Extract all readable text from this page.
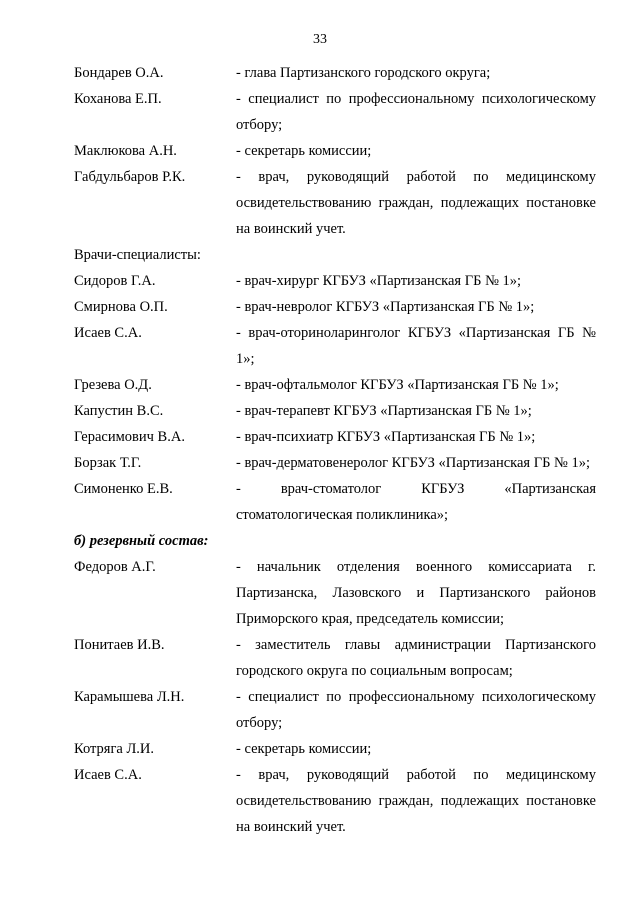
33
Бондарев О.А.	- глава Партизанского городского округа;
Коханова Е.П.	- специалист по профессиональному психологическому отбору;
Маклюкова А.Н.	- секретарь комиссии;
Габдульбаров Р.К.	- врач, руководящий работой по медицинскому освидетельствованию граждан, подлежащих постановке на воинский учет.

Врачи-специалисты:

Сидоров Г.А.	- врач-хирург КГБУЗ «Партизанская ГБ № 1»;
Смирнова О.П.	- врач-невролог КГБУЗ «Партизанская ГБ № 1»;
Исаев С.А.	- врач-оториноларинголог КГБУЗ «Партизанская ГБ № 1»;
Грезева О.Д.	- врач-офтальмолог КГБУЗ «Партизанская ГБ № 1»;
Капустин В.С.	- врач-терапевт КГБУЗ «Партизанская ГБ № 1»;
Герасимович В.А.	- врач-психиатр КГБУЗ «Партизанская ГБ № 1»;
Борзак Т.Г.	- врач-дерматовенеролог КГБУЗ «Партизанская ГБ № 1»;
Симоненко Е.В.	- врач-стоматолог КГБУЗ «Партизанская стоматологическая поликлиника»;

б) резервный состав:

Федоров А.Г.	- начальник отделения военного комиссариата г. Партизанска, Лазовского и Партизанского районов Приморского края, председатель комиссии;
Понитаев И.В.	- заместитель главы администрации Партизанского городского округа по социальным вопросам;
Карамышева Л.Н.	- специалист по профессиональному психологическому отбору;
Котряга Л.И.	- секретарь комиссии;
Исаев С.А.	- врач, руководящий работой по медицинскому освидетельствованию граждан, подлежащих постановке на воинский учет.
